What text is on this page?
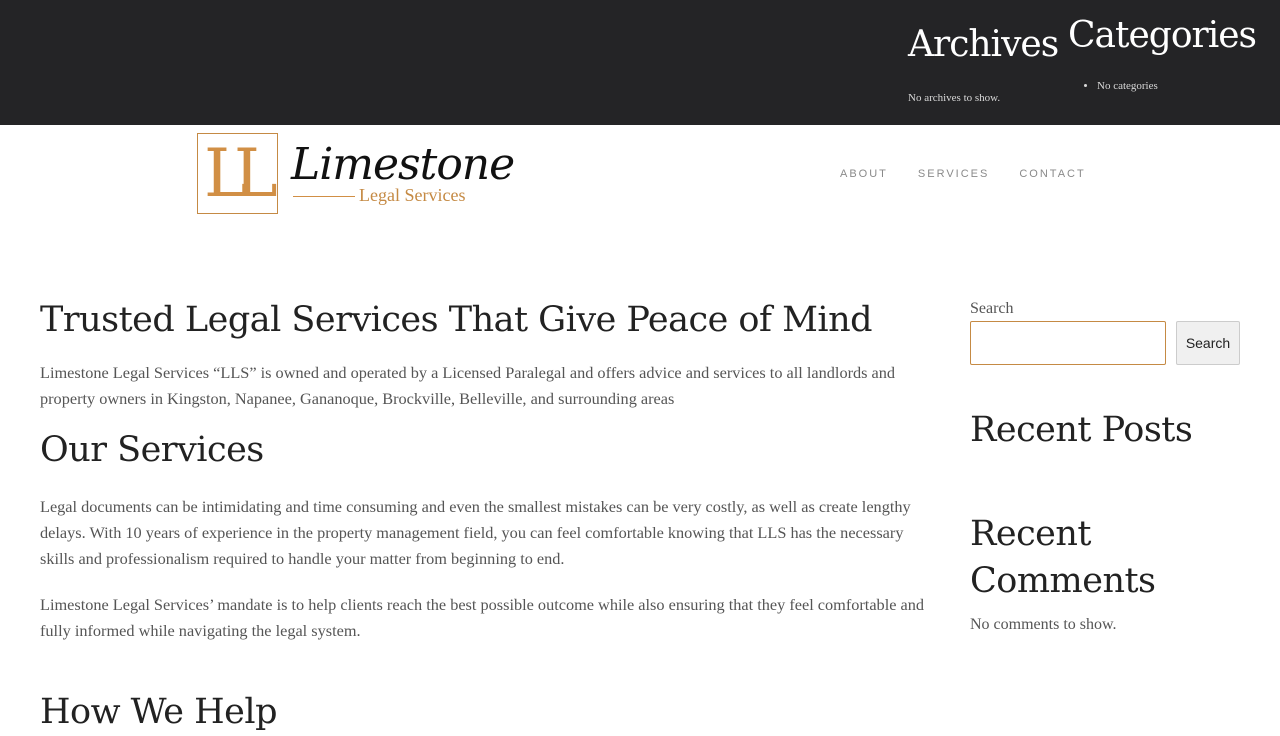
Archives

No archives to show.

Categories
• No categories
LL Limestone
Legal Services
ABOUT	SERVICES	CONTACT
Trusted Legal Services That Give Peace of Mind

Limestone Legal Services “LLS” is owned and operated by a Licensed Paralegal and offers advice and services to all landlords and property owners in Kingston, Napanee, Gananoque, Brockville, Belleville, and surrounding areas

Our Services

Legal documents can be intimidating and time consuming and even the smallest mistakes can be very costly, as well as create lengthy delays. With 10 years of experience in the property management field, you can feel comfortable knowing that LLS has the necessary skills and professionalism required to handle your matter from beginning to end.

Limestone Legal Services’ mandate is to help clients reach the best possible outcome while also ensuring that they feel comfortable and fully informed while navigating the legal system.

How We Help
Search
Search
Recent Posts
Recent Comments

No comments to show.
